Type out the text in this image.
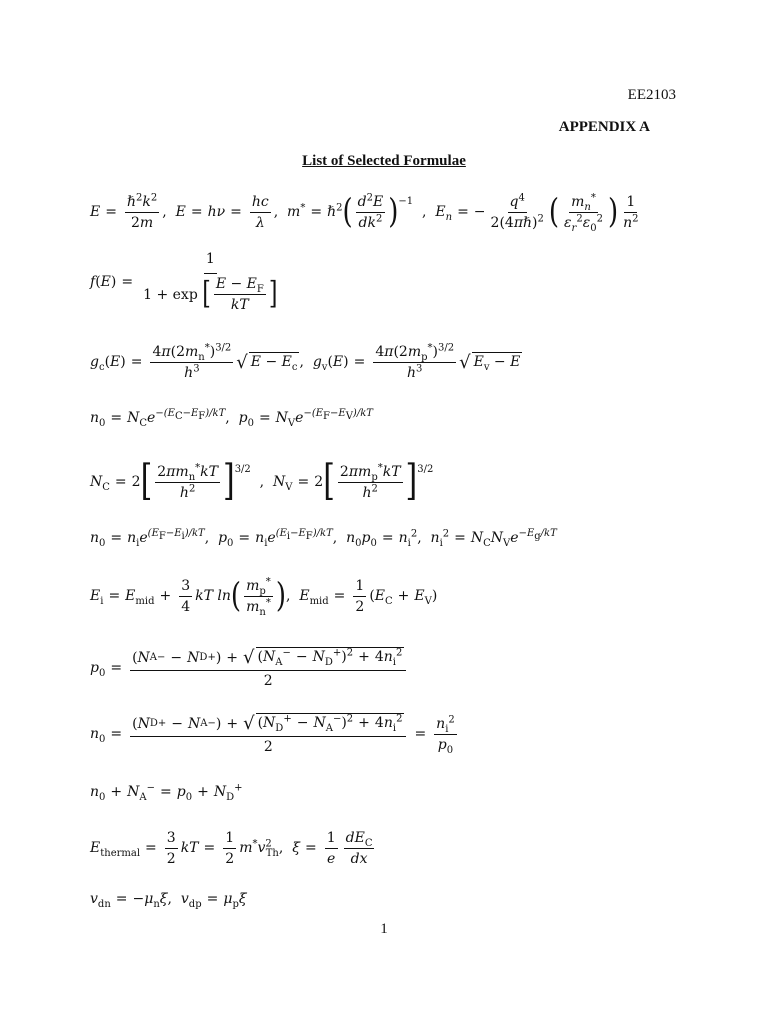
EE2103
APPENDIX A
List of Selected Formulae
$E = \frac{\hbar^2k^2}{2m}$ , $E = h\nu = \frac{hc}{\lambda}$ , m* = ℏ$^2$ ( $\frac{d^2E}{dk^2} )^{-1}$
, $E_n$ = − $\frac{q^4}{2(4\pi\hbar)^2}$ ( $\frac{m_n^*}{\varepsilon_r^2\varepsilon_0^2}$ ) $\frac{1}{n^2}$
f ( E ) = $\frac{1}{1 + \exp [ \frac{E - E_F}{kT} ]}$
$g_c$ ( E ) = $\frac{4\pi(2m_n^*)^{3/2}}{h^3}$ √ $E - E_c$ , $g_v$ ( E ) = $\frac{4\pi(2m_p^*)^{3/2}}{h^3}$ √ $E_v - E$
$n_0 = N_Ce^{-(E_C-E_F)/kT}$ , $p_0 = N_Ve^{-(E_F-E_V)/kT}$
$N_C = 2$ [ $\frac{2\pi m_n^*kT}{h^2} ]^{3/2}$
, $N_V = 2$ [ $\frac{2\pi m_p^*kT}{h^2} ]^{3/2}$
$n_0 = n_ie^{(E_F-E_i)/kT}$ , $p_0 = n_ie^{(E_i-E_F)/kT}$ , $n_0p_0 = n_i^2$ , $n_i^2 = N_CN_Ve^{-E_g/kT}$
$E_i = E_{mid} + \frac{3}{4}$ kT ln ( $\frac{m_p^*}{m_n^*}$ ) , $E_{mid} = \frac{1}{2}$ ( $E_C + E_V$ )
$p_0 = \frac{( N A - - N D + ) + √ (N_A^- - N_D^+)^2 + 4n_i^2}{2}$
$n_0 = \frac{( N D + - N A - ) + √ (N_D^+ - N_A^-)^2 + 4n_i^2}{2} = \frac{n_i^2}{p_0}$
$n_0 + N_A^- = p_0 + N_D^+$
$E_{thermal} = \frac{3}{2}$ kT = $\frac{1}{2} m^*v^2_{Th}$ , $\xi = \frac{1}{e} \frac{dE_C}{dx}$
$v_{dn}$ = − $\mu_n\xi$ , $v_{dp} = \mu_p\xi$
1
